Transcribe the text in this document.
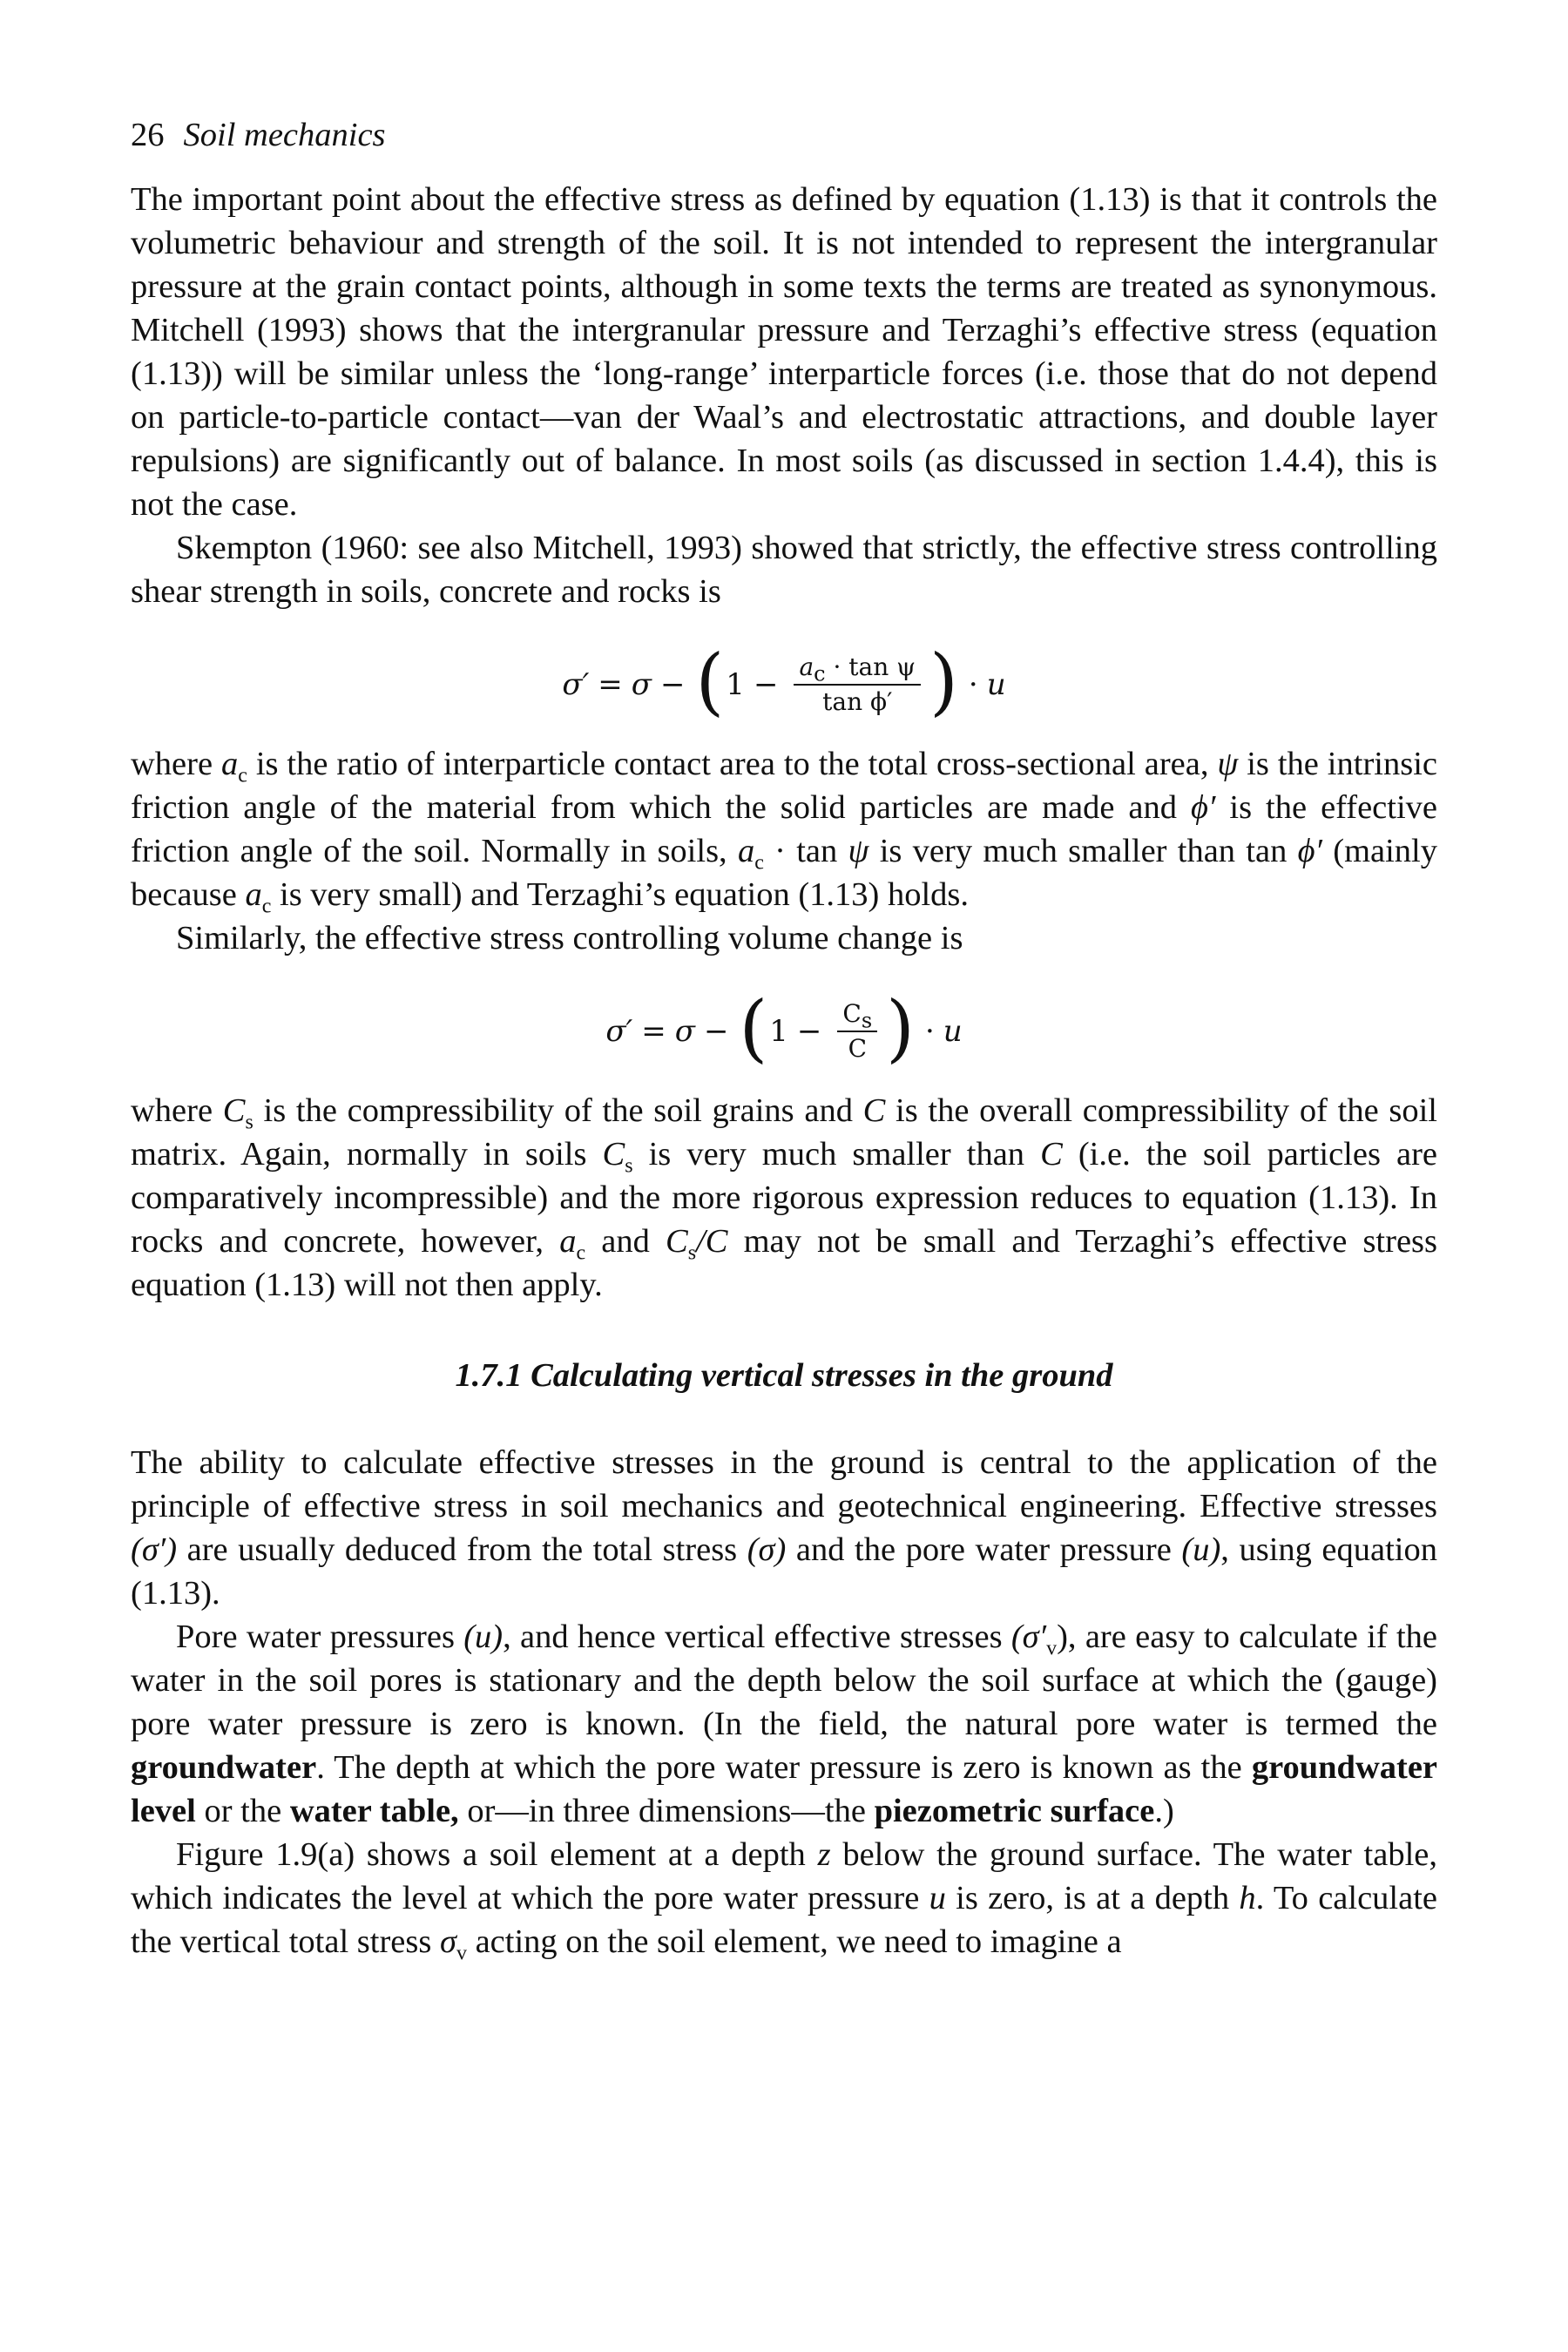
26 Soil mechanics

The important point about the effective stress as defined by equation (1.13) is that it controls the volumetric behaviour and strength of the soil. It is not intended to represent the intergranular pressure at the grain contact points, although in some texts the terms are treated as synonymous. Mitchell (1993) shows that the intergranular pressure and Terzaghi’s effective stress (equation (1.13)) will be similar unless the ‘long-range’ interparticle forces (i.e. those that do not depend on particle-to-particle contact—van der Waal’s and electrostatic attractions, and double layer repulsions) are significantly out of balance. In most soils (as discussed in section 1.4.4), this is not the case.

Skempton (1960: see also Mitchell, 1993) showed that strictly, the effective stress controlling shear strength in soils, concrete and rocks is

σ′ = σ − ( $1 - \frac{a_c \cdot \tan \psi}{\text{tan ϕ′}}$ ) · u

where $a_c$ is the ratio of interparticle contact area to the total cross-sectional area, ψ is the intrinsic friction angle of the material from which the solid particles are made and ϕ′ is the effective friction angle of the soil. Normally in soils, $a_c \cdot \tan \psi$ is very much smaller than tan ϕ′ (mainly because $a_c$ is very small) and Terzaghi’s equation (1.13) holds.

Similarly, the effective stress controlling volume change is

σ′ = σ − ( $1 - \frac{C_s}{C}$ ) · u

where $C_s$ is the compressibility of the soil grains and C is the overall compressibility of the soil matrix. Again, normally in soils $C_s$ is very much smaller than C (i.e. the soil particles are comparatively incompressible) and the more rigorous expression reduces to equation (1.13). In rocks and concrete, however, $a_c$ and $C_s/C$ may not be small and Terzaghi’s effective stress equation (1.13) will not then apply.

1.7.1 Calculating vertical stresses in the ground

The ability to calculate effective stresses in the ground is central to the application of the principle of effective stress in soil mechanics and geotechnical engineering. Effective stresses (σ′) are usually deduced from the total stress (σ) and the pore water pressure (u), using equation (1.13).

Pore water pressures (u), and hence vertical effective stresses $(\sigma'_v)$, are easy to calculate if the water in the soil pores is stationary and the depth below the soil surface at which the (gauge) pore water pressure is zero is known. (In the field, the natural pore water is termed the groundwater. The depth at which the pore water pressure is zero is known as the groundwater level or the water table, or—in three dimensions—the piezometric surface.)

Figure 1.9(a) shows a soil element at a depth z below the ground surface. The water table, which indicates the level at which the pore water pressure u is zero, is at a depth h. To calculate the vertical total stress $\sigma_v$ acting on the soil element, we need to imagine a
